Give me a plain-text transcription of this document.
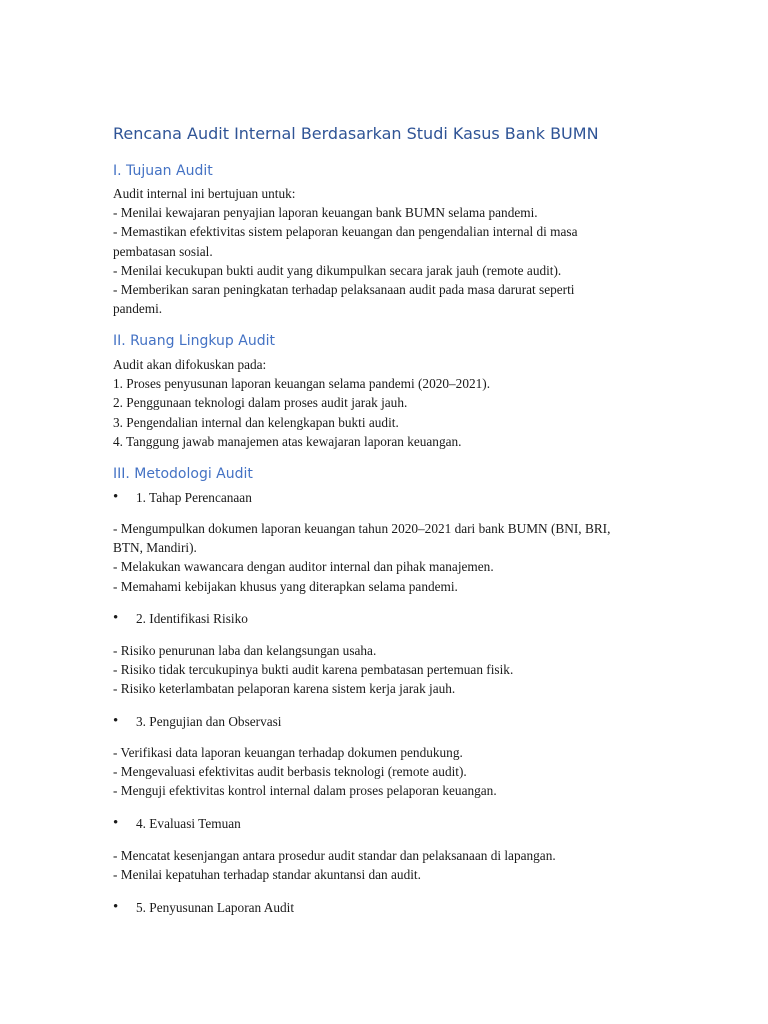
Rencana Audit Internal Berdasarkan Studi Kasus Bank BUMN
I. Tujuan Audit
Audit internal ini bertujuan untuk:
- Menilai kewajaran penyajian laporan keuangan bank BUMN selama pandemi.
- Memastikan efektivitas sistem pelaporan keuangan dan pengendalian internal di masa
pembatasan sosial.
- Menilai kecukupan bukti audit yang dikumpulkan secara jarak jauh (remote audit).
- Memberikan saran peningkatan terhadap pelaksanaan audit pada masa darurat seperti
pandemi.
II. Ruang Lingkup Audit
Audit akan difokuskan pada:
1. Proses penyusunan laporan keuangan selama pandemi (2020–2021).
2. Penggunaan teknologi dalam proses audit jarak jauh.
3. Pengendalian internal dan kelengkapan bukti audit.
4. Tanggung jawab manajemen atas kewajaran laporan keuangan.
III. Metodologi Audit
• 1. Tahap Perencanaan
- Mengumpulkan dokumen laporan keuangan tahun 2020–2021 dari bank BUMN (BNI, BRI,
BTN, Mandiri).
- Melakukan wawancara dengan auditor internal dan pihak manajemen.
- Memahami kebijakan khusus yang diterapkan selama pandemi.
• 2. Identifikasi Risiko
- Risiko penurunan laba dan kelangsungan usaha.
- Risiko tidak tercukupinya bukti audit karena pembatasan pertemuan fisik.
- Risiko keterlambatan pelaporan karena sistem kerja jarak jauh.
• 3. Pengujian dan Observasi
- Verifikasi data laporan keuangan terhadap dokumen pendukung.
- Mengevaluasi efektivitas audit berbasis teknologi (remote audit).
- Menguji efektivitas kontrol internal dalam proses pelaporan keuangan.
• 4. Evaluasi Temuan
- Mencatat kesenjangan antara prosedur audit standar dan pelaksanaan di lapangan.
- Menilai kepatuhan terhadap standar akuntansi dan audit.
• 5. Penyusunan Laporan Audit
